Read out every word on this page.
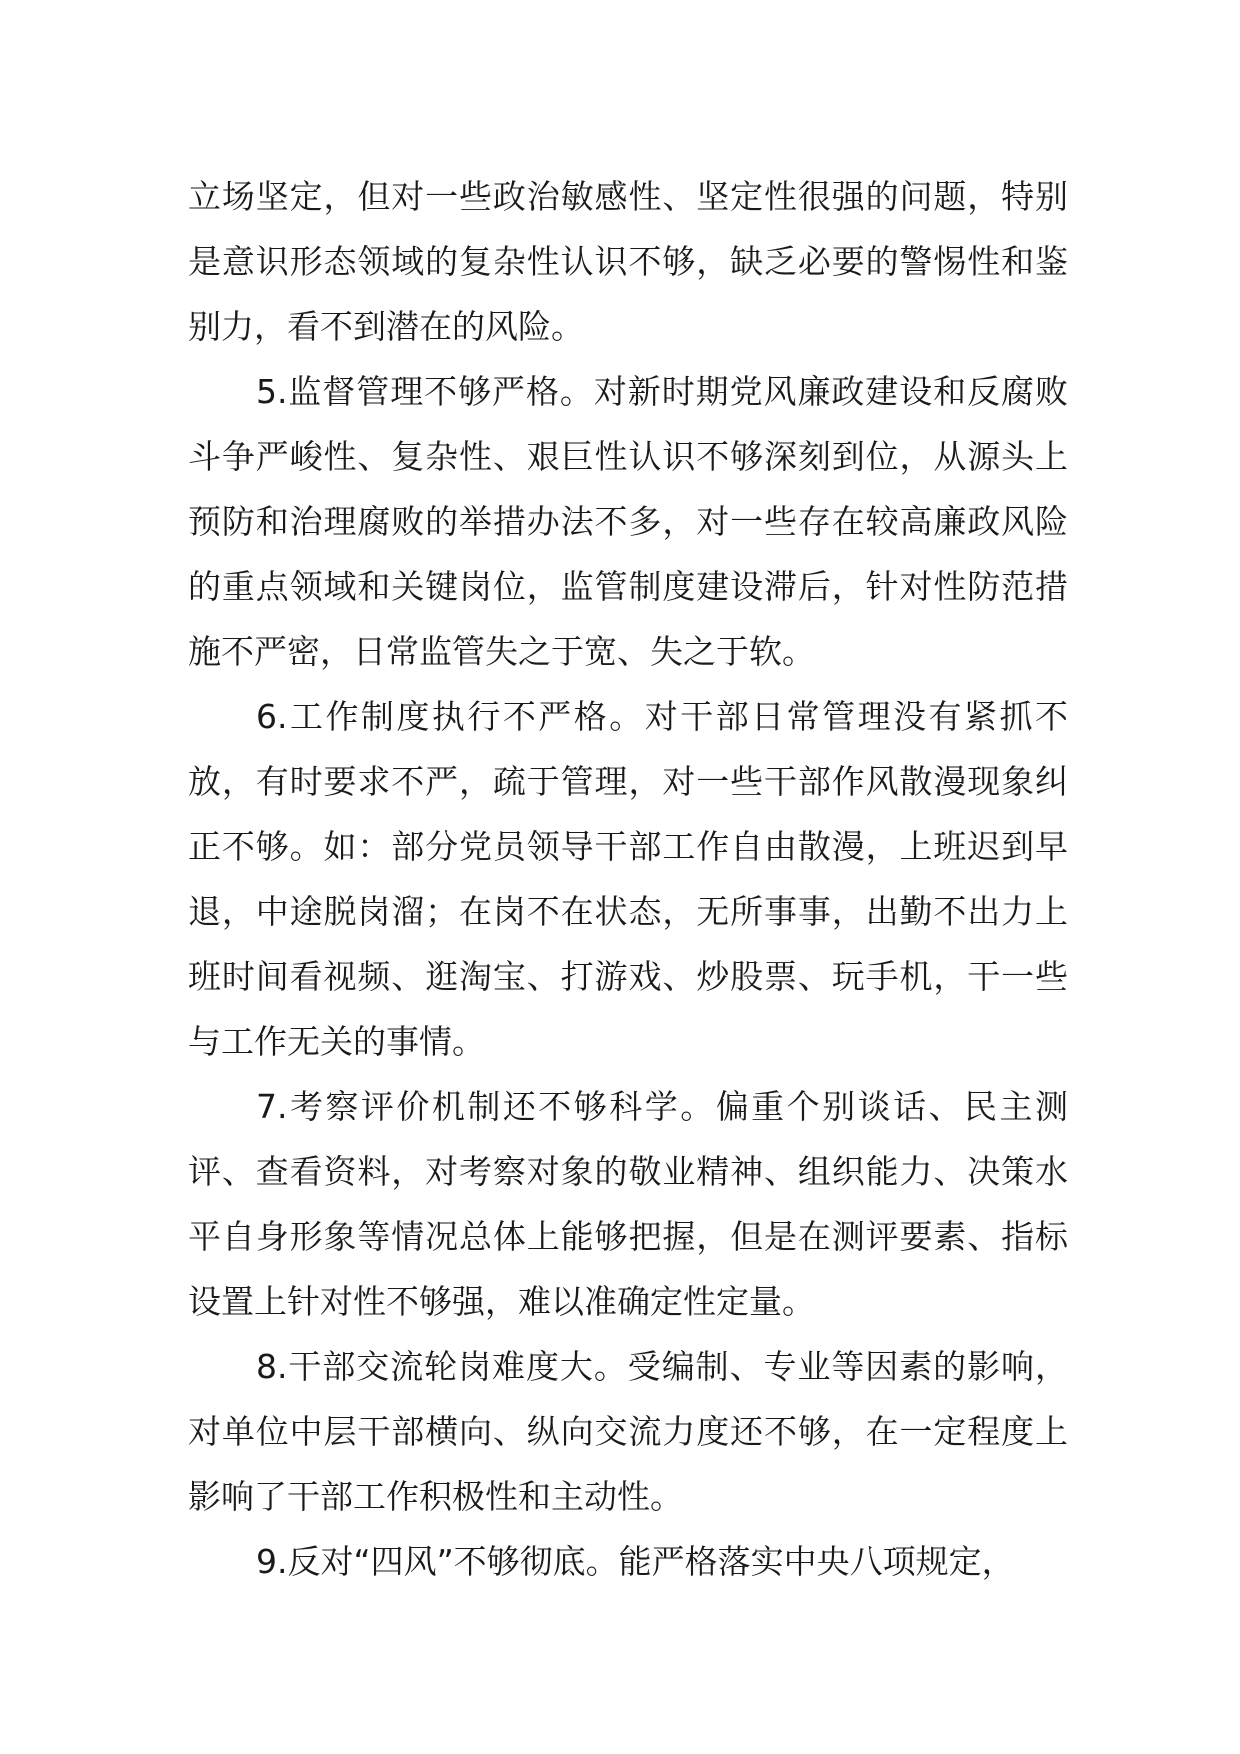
立场坚定，但对一些政治敏感性、坚定性很强的问题，特别是意识形态领域的复杂性认识不够，缺乏必要的警惕性和鉴别力，看不到潜在的风险。

5.监督管理不够严格。对新时期党风廉政建设和反腐败斗争严峻性、复杂性、艰巨性认识不够深刻到位，从源头上预防和治理腐败的举措办法不多，对一些存在较高廉政风险的重点领域和关键岗位，监管制度建设滞后，针对性防范措施不严密，日常监管失之于宽、失之于软。

6.工作制度执行不严格。对干部日常管理没有紧抓不放，有时要求不严，疏于管理，对一些干部作风散漫现象纠正不够。如：部分党员领导干部工作自由散漫，上班迟到早退，中途脱岗溜；在岗不在状态，无所事事，出勤不出力上班时间看视频、逛淘宝、打游戏、炒股票、玩手机，干一些与工作无关的事情。

7.考察评价机制还不够科学。偏重个别谈话、民主测评、查看资料，对考察对象的敬业精神、组织能力、决策水平自身形象等情况总体上能够把握，但是在测评要素、指标设置上针对性不够强，难以准确定性定量。

8.干部交流轮岗难度大。受编制、专业等因素的影响，对单位中层干部横向、纵向交流力度还不够，在一定程度上影响了干部工作积极性和主动性。

9.反对“四风”不够彻底。能严格落实中央八项规定，
